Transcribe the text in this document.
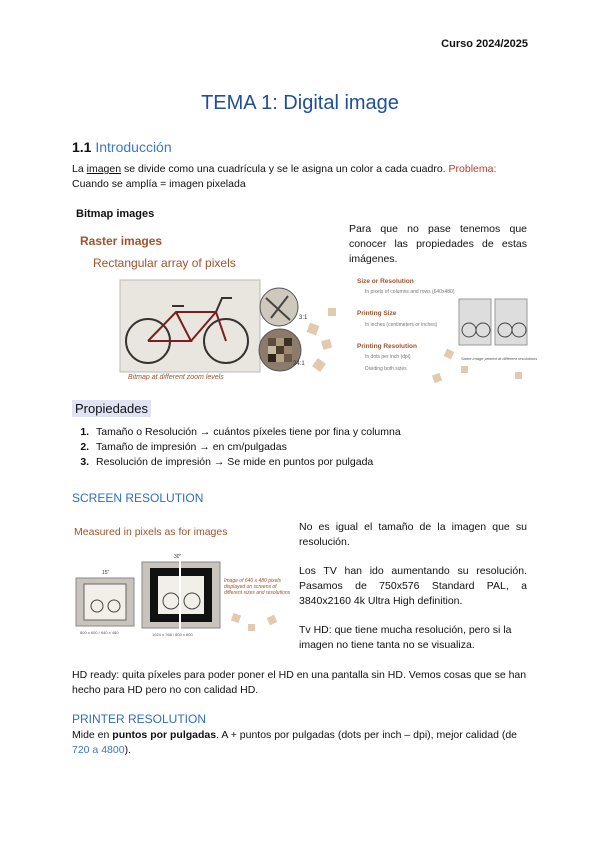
Curso 2024/2025
TEMA 1: Digital image
1.1 Introducción
La imagen se divide como una cuadrícula y se le asigna un color a cada cuadro. Problema: Cuando se amplía = imagen pixelada
Bitmap images
Raster images
Rectangular array of pixels
3:1
24:1
Bitmap at different zoom levels
Para que no pase tenemos que conocer las propiedades de estas imágenes.
Size or Resolution
In pixels of columns and rows (640x480)
Printing Size
In inches (centimeters or inches)
Printing Resolution
In dots per inch (dpi)
Dividing both sizes
Same image printed at different resolutions
Propiedades
1. Tamaño o Resolución → cuántos píxeles tiene por fina y columna
2. Tamaño de impresión → en cm/pulgadas
3. Resolución de impresión → Se mide en puntos por pulgada
SCREEN RESOLUTION
Measured in pixels as for images
15"
30"
800 x 600 / 640 x 480	1024 x 768 / 800 x 600
Image of 640 x 480 pixels displayed on screens of different sizes and resolutions
No es igual el tamaño de la imagen que su resolución.
Los TV han ido aumentando su resolución. Pasamos de 750x576 Standard PAL, a 3840x2160 4k Ultra High definition.
Tv HD: que tiene mucha resolución, pero si la imagen no tiene tanta no se visualiza.
HD ready: quita píxeles para poder poner el HD en una pantalla sin HD. Vemos cosas que se han hecho para HD pero no con calidad HD.
PRINTER RESOLUTION
Mide en puntos por pulgadas. A + puntos por pulgadas (dots per inch – dpi), mejor calidad (de 720 a 4800).
